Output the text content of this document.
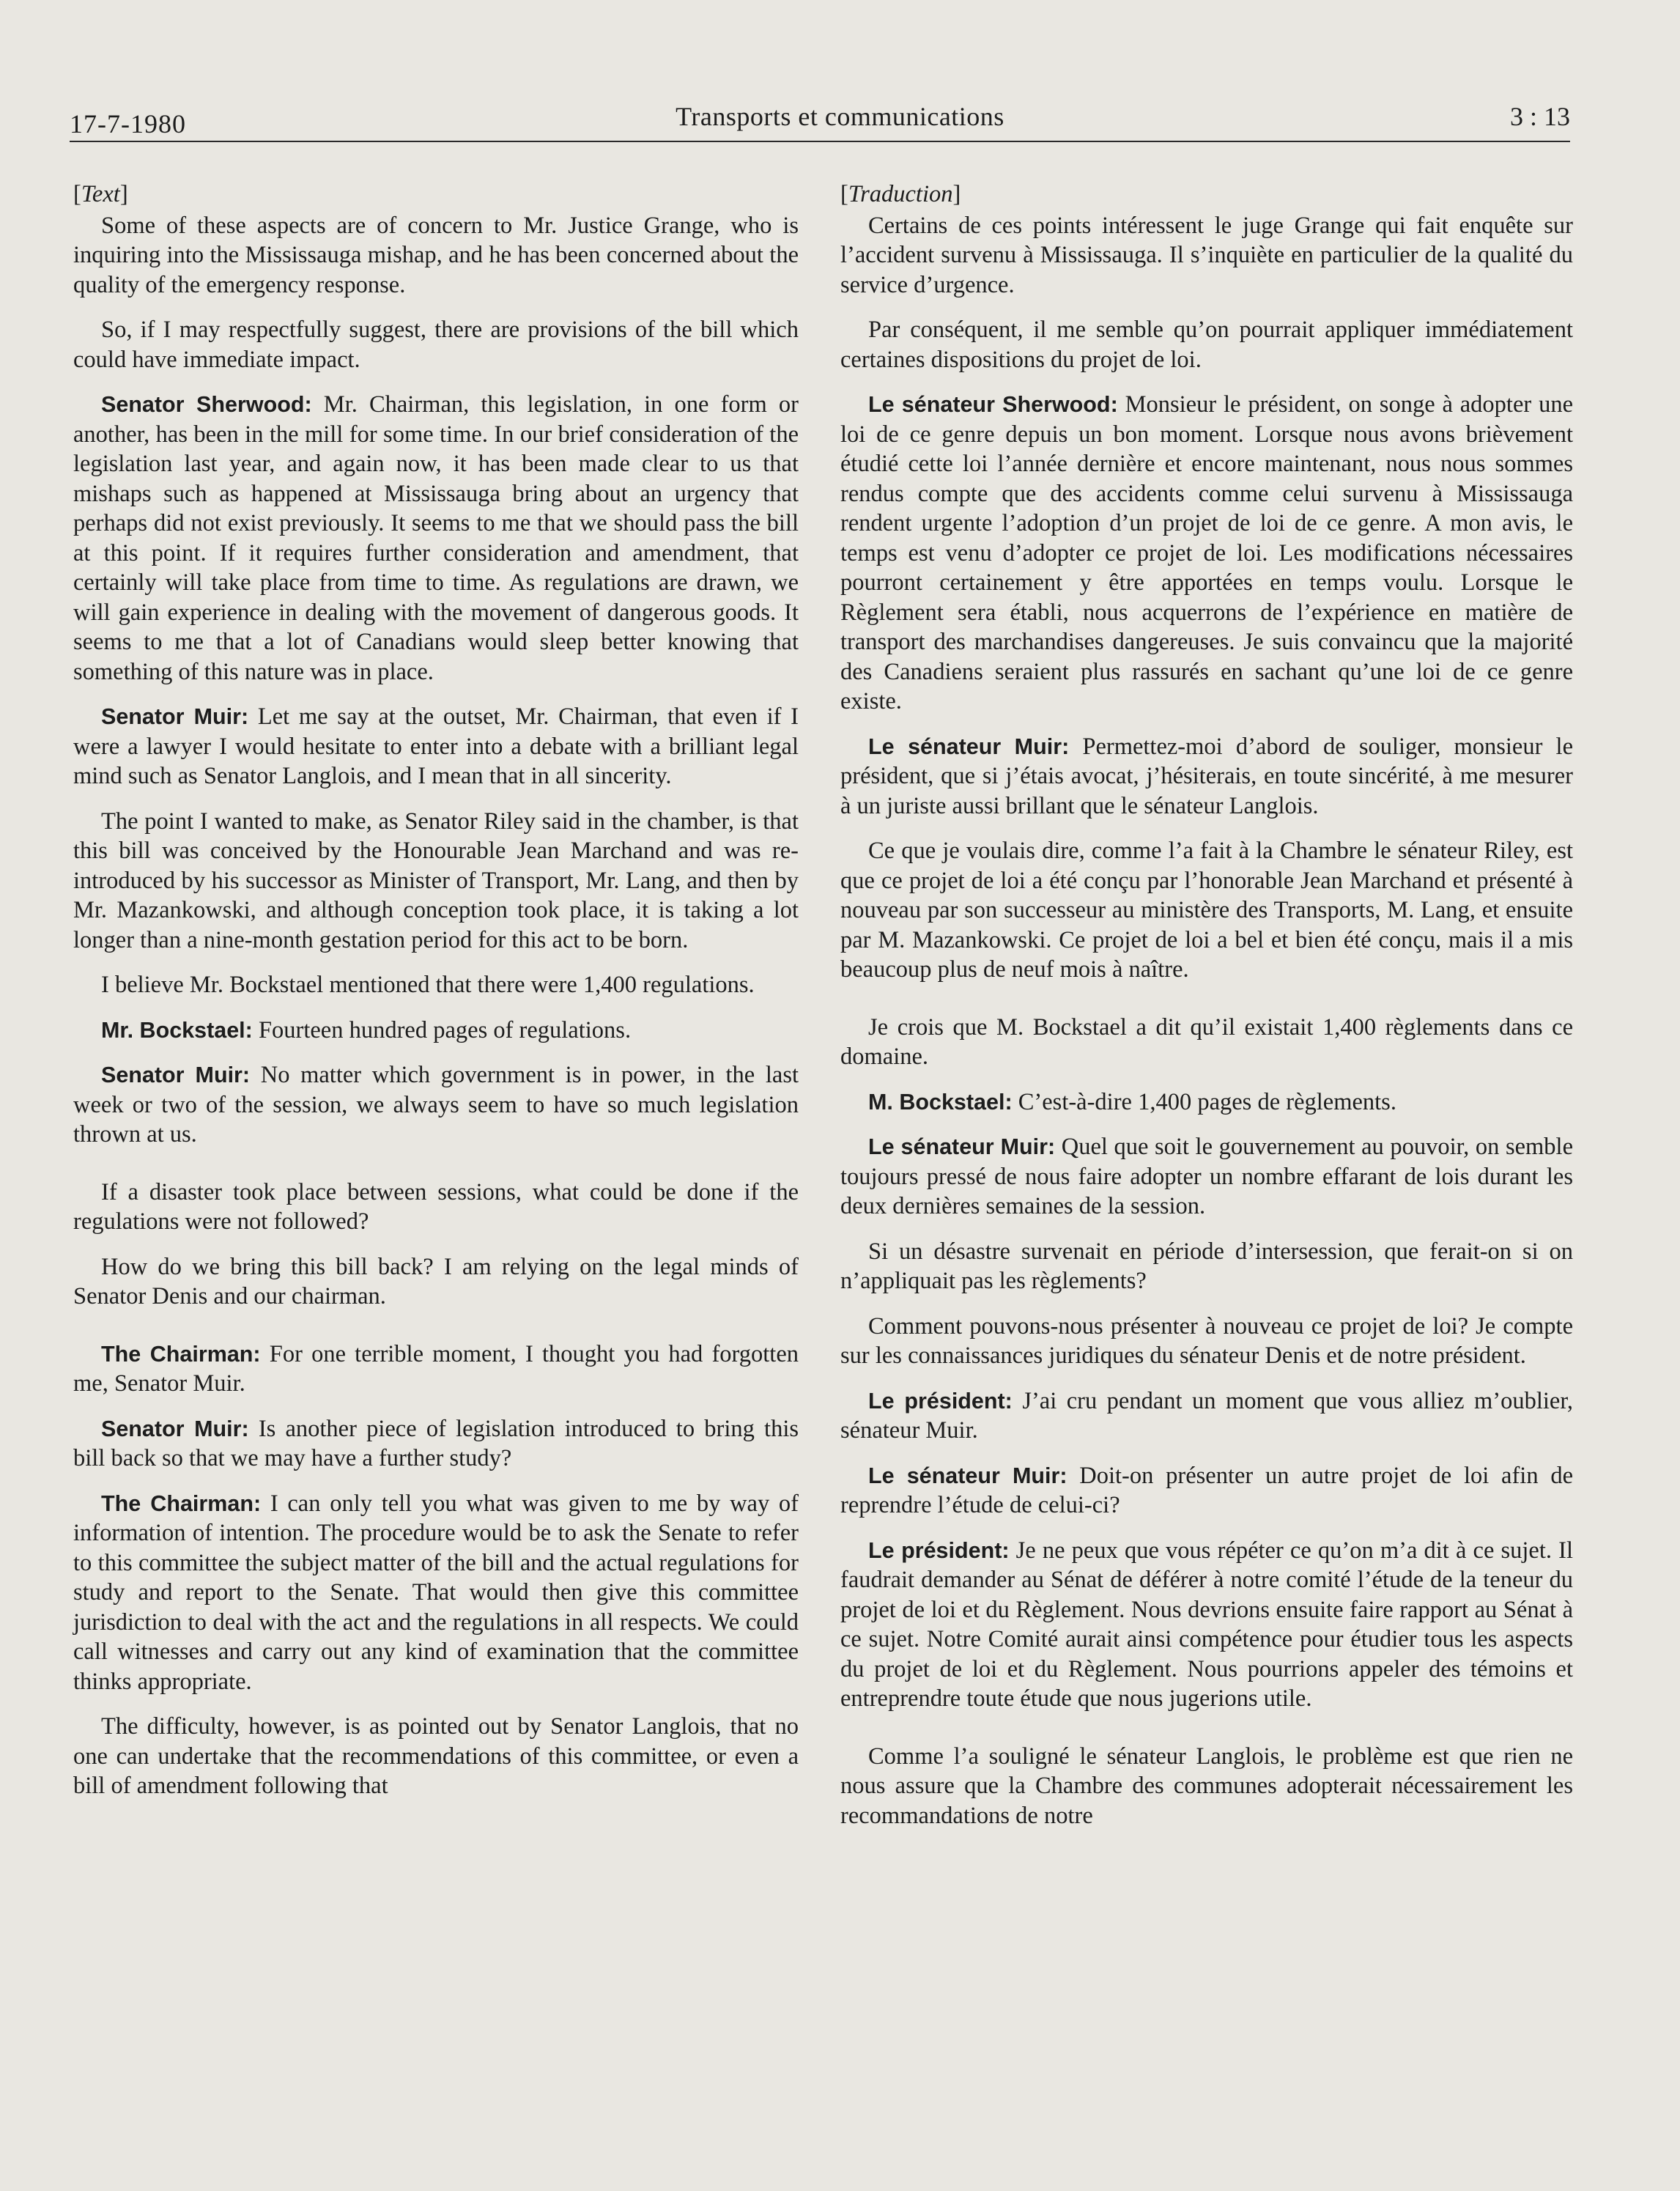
17-7-1980	Transports et communications	3 : 13

[Text]

Some of these aspects are of concern to Mr. Justice Grange, who is inquiring into the Mississauga mishap, and he has been concerned about the quality of the emergency response.

So, if I may respectfully suggest, there are provisions of the bill which could have immediate impact.

Senator Sherwood: Mr. Chairman, this legislation, in one form or another, has been in the mill for some time. In our brief consideration of the legislation last year, and again now, it has been made clear to us that mishaps such as happened at Mississauga bring about an urgency that perhaps did not exist previously. It seems to me that we should pass the bill at this point. If it requires further consideration and amendment, that certainly will take place from time to time. As regulations are drawn, we will gain experience in dealing with the movement of dangerous goods. It seems to me that a lot of Canadians would sleep better knowing that something of this nature was in place.

Senator Muir: Let me say at the outset, Mr. Chairman, that even if I were a lawyer I would hesitate to enter into a debate with a brilliant legal mind such as Senator Langlois, and I mean that in all sincerity.

The point I wanted to make, as Senator Riley said in the chamber, is that this bill was conceived by the Honourable Jean Marchand and was re-introduced by his successor as Minister of Transport, Mr. Lang, and then by Mr. Mazankowski, and although conception took place, it is taking a lot longer than a nine-month gestation period for this act to be born.

I believe Mr. Bockstael mentioned that there were 1,400 regulations.

Mr. Bockstael: Fourteen hundred pages of regulations.

Senator Muir: No matter which government is in power, in the last week or two of the session, we always seem to have so much legislation thrown at us.

If a disaster took place between sessions, what could be done if the regulations were not followed?

How do we bring this bill back? I am relying on the legal minds of Senator Denis and our chairman.

The Chairman: For one terrible moment, I thought you had forgotten me, Senator Muir.

Senator Muir: Is another piece of legislation introduced to bring this bill back so that we may have a further study?

The Chairman: I can only tell you what was given to me by way of information of intention. The procedure would be to ask the Senate to refer to this committee the subject matter of the bill and the actual regulations for study and report to the Senate. That would then give this committee jurisdiction to deal with the act and the regulations in all respects. We could call witnesses and carry out any kind of examination that the committee thinks appropriate.

The difficulty, however, is as pointed out by Senator Langlois, that no one can undertake that the recommendations of this committee, or even a bill of amendment following that

[Traduction]

Certains de ces points intéressent le juge Grange qui fait enquête sur l’accident survenu à Mississauga. Il s’inquiète en particulier de la qualité du service d’urgence.

Par conséquent, il me semble qu’on pourrait appliquer immédiatement certaines dispositions du projet de loi.

Le sénateur Sherwood: Monsieur le président, on songe à adopter une loi de ce genre depuis un bon moment. Lorsque nous avons brièvement étudié cette loi l’année dernière et encore maintenant, nous nous sommes rendus compte que des accidents comme celui survenu à Mississauga rendent urgente l’adoption d’un projet de loi de ce genre. A mon avis, le temps est venu d’adopter ce projet de loi. Les modifications nécessaires pourront certainement y être apportées en temps voulu. Lorsque le Règlement sera établi, nous acquerrons de l’expérience en matière de transport des marchandises dangereuses. Je suis convaincu que la majorité des Canadiens seraient plus rassurés en sachant qu’une loi de ce genre existe.

Le sénateur Muir: Permettez-moi d’abord de souliger, monsieur le président, que si j’étais avocat, j’hésiterais, en toute sincérité, à me mesurer à un juriste aussi brillant que le sénateur Langlois.

Ce que je voulais dire, comme l’a fait à la Chambre le sénateur Riley, est que ce projet de loi a été conçu par l’honorable Jean Marchand et présenté à nouveau par son successeur au ministère des Transports, M. Lang, et ensuite par M. Mazankowski. Ce projet de loi a bel et bien été conçu, mais il a mis beaucoup plus de neuf mois à naître.

Je crois que M. Bockstael a dit qu’il existait 1,400 règlements dans ce domaine.

M. Bockstael: C’est-à-dire 1,400 pages de règlements.

Le sénateur Muir: Quel que soit le gouvernement au pouvoir, on semble toujours pressé de nous faire adopter un nombre effarant de lois durant les deux dernières semaines de la session.

Si un désastre survenait en période d’intersession, que ferait-on si on n’appliquait pas les règlements?

Comment pouvons-nous présenter à nouveau ce projet de loi? Je compte sur les connaissances juridiques du sénateur Denis et de notre président.

Le président: J’ai cru pendant un moment que vous alliez m’oublier, sénateur Muir.

Le sénateur Muir: Doit-on présenter un autre projet de loi afin de reprendre l’étude de celui-ci?

Le président: Je ne peux que vous répéter ce qu’on m’a dit à ce sujet. Il faudrait demander au Sénat de déférer à notre comité l’étude de la teneur du projet de loi et du Règlement. Nous devrions ensuite faire rapport au Sénat à ce sujet. Notre Comité aurait ainsi compétence pour étudier tous les aspects du projet de loi et du Règlement. Nous pourrions appeler des témoins et entreprendre toute étude que nous jugerions utile.

Comme l’a souligné le sénateur Langlois, le problème est que rien ne nous assure que la Chambre des communes adopterait nécessairement les recommandations de notre
